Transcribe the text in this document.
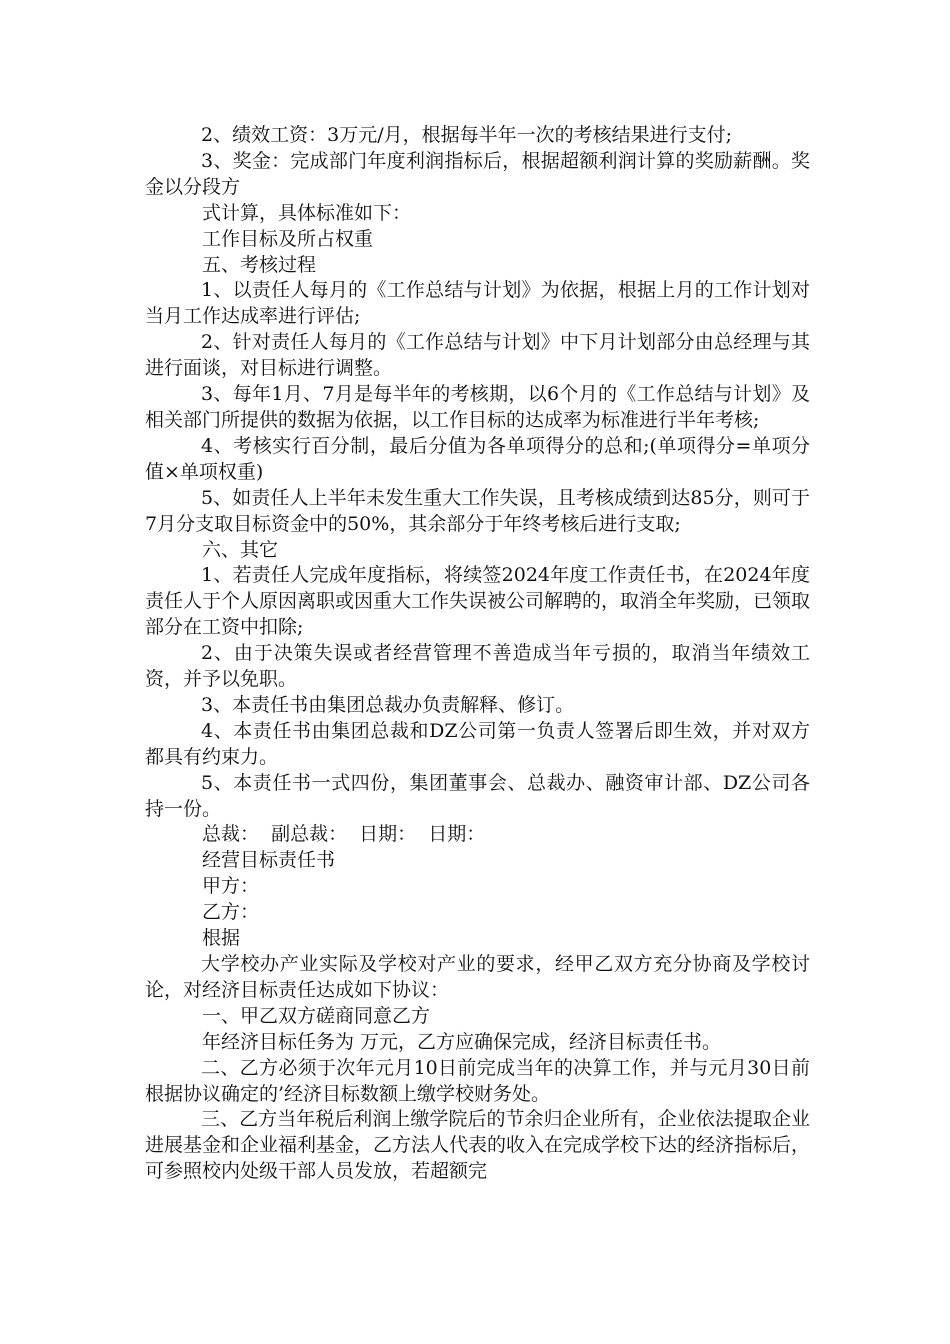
2、绩效工资：3万元/月，根据每半年一次的考核结果进行支付;

3、奖金：完成部门年度利润指标后，根据超额利润计算的奖励薪酬。奖金以分段方

式计算，具体标准如下：

工作目标及所占权重

五、考核过程

1、以责任人每月的《工作总结与计划》为依据，根据上月的工作计划对当月工作达成率进行评估;

2、针对责任人每月的《工作总结与计划》中下月计划部分由总经理与其进行面谈，对目标进行调整。

3、每年1月、7月是每半年的考核期，以6个月的《工作总结与计划》及相关部门所提供的数据为依据，以工作目标的达成率为标准进行半年考核;

4、考核实行百分制，最后分值为各单项得分的总和;(单项得分=单项分值×单项权重)

5、如责任人上半年未发生重大工作失误，且考核成绩到达85分，则可于7月分支取目标资金中的50%，其余部分于年终考核后进行支取;

六、其它

1、若责任人完成年度指标，将续签2024年度工作责任书，在2024年度责任人于个人原因离职或因重大工作失误被公司解聘的，取消全年奖励，已领取部分在工资中扣除;

2、由于决策失误或者经营管理不善造成当年亏损的，取消当年绩效工资，并予以免职。

3、本责任书由集团总裁办负责解释、修订。

4、本责任书由集团总裁和DZ公司第一负责人签署后即生效，并对双方都具有约束力。

5、本责任书一式四份，集团董事会、总裁办、融资审计部、DZ公司各持一份。

总裁：  副总裁：  日期：  日期：

经营目标责任书

甲方：

乙方：

根据

大学校办产业实际及学校对产业的要求，经甲乙双方充分协商及学校讨论，对经济目标责任达成如下协议：

一、甲乙双方磋商同意乙方

年经济目标任务为 万元，乙方应确保完成，经济目标责任书。

二、乙方必须于次年元月10日前完成当年的决算工作，并与元月30日前根据协议确定的’经济目标数额上缴学校财务处。

三、乙方当年税后利润上缴学院后的节余归企业所有，企业依法提取企业进展基金和企业福利基金，乙方法人代表的收入在完成学校下达的经济指标后，可参照校内处级干部人员发放，若超额完
